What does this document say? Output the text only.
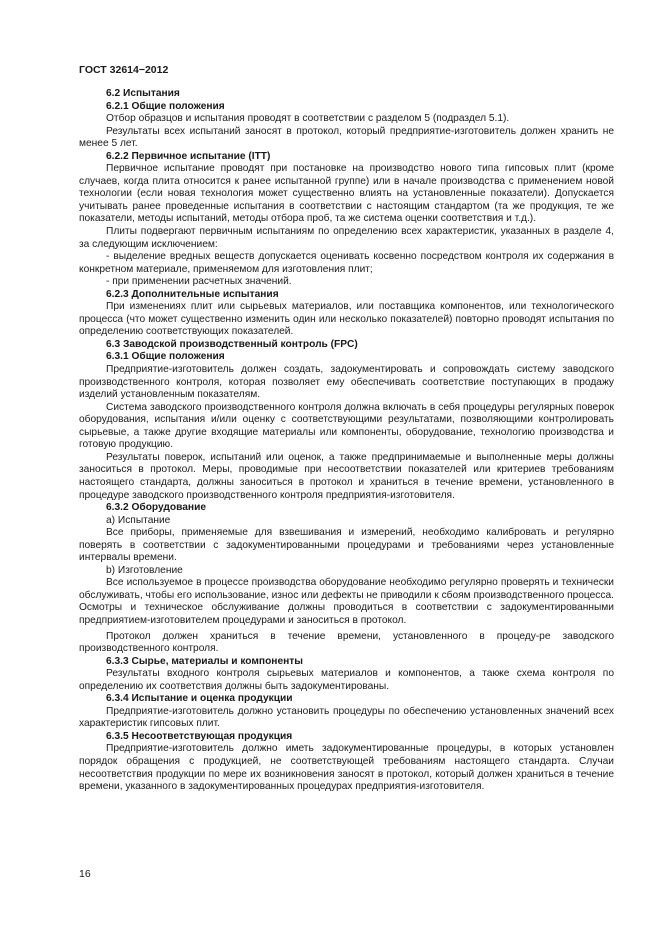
ГОСТ 32614−2012

6.2 Испытания

6.2.1 Общие положения

Отбор образцов и испытания проводят в соответствии с разделом 5 (подраздел 5.1).

Результаты всех испытаний заносят в протокол, который предприятие-изготовитель должен хранить не менее 5 лет.

6.2.2 Первичное испытание (ITT)

Первичное испытание проводят при постановке на производство нового типа гипсовых плит (кроме случаев, когда плита относится к ранее испытанной группе) или в начале производства с применением новой технологии (если новая технология может существенно влиять на установленные показатели). Допускается учитывать ранее проведенные испытания в соответствии с настоящим стандартом (та же продукция, те же показатели, методы испытаний, методы отбора проб, та же система оценки соответствия и т.д.).

Плиты подвергают первичным испытаниям по определению всех характеристик, указанных в разделе 4, за следующим исключением:

- выделение вредных веществ допускается оценивать косвенно посредством контроля их содержания в конкретном материале, применяемом для изготовления плит;

- при применении расчетных значений.

6.2.3 Дополнительные испытания

При изменениях плит или сырьевых материалов, или поставщика компонентов, или технологического процесса (что может существенно изменить один или несколько показателей) повторно проводят испытания по определению соответствующих показателей.

6.3 Заводской производственный контроль (FPC)

6.3.1 Общие положения

Предприятие-изготовитель должен создать, задокументировать и сопровождать систему заводского производственного контроля, которая позволяет ему обеспечивать соответствие поступающих в продажу изделий установленным показателям.

Система заводского производственного контроля должна включать в себя процедуры регулярных поверок оборудования, испытания и/или оценку с соответствующими результатами, позволяющими контролировать сырьевые, а также другие входящие материалы или компоненты, оборудование, технологию производства и готовую продукцию.

Результаты поверок, испытаний или оценок, а также предпринимаемые и выполненные меры должны заноситься в протокол. Меры, проводимые при несоответствии показателей или критериев требованиям настоящего стандарта, должны заноситься в протокол и храниться в течение времени, установленного в процедуре заводского производственного контроля предприятия-изготовителя.

6.3.2 Оборудование

а) Испытание

Все приборы, применяемые для взвешивания и измерений, необходимо калибровать и регулярно поверять в соответствии с задокументированными процедурами и требованиями через установленные интервалы времени.

b) Изготовление

Все используемое в процессе производства оборудование необходимо регулярно проверять и технически обслуживать, чтобы его использование, износ или дефекты не приводили к сбоям производственного процесса. Осмотры и техническое обслуживание должны проводиться в соответствии с задокументированными предприятием-изготовителем процедурами и заноситься в протокол.

Протокол должен храниться в течение времени, установленного в процеду-ре заводского производственного контроля.

6.3.3 Сырье, материалы и компоненты

Результаты входного контроля сырьевых материалов и компонентов, а также схема контроля по определению их соответствия должны быть задокументированы.

6.3.4 Испытание и оценка продукции

Предприятие-изготовитель должно установить процедуры по обеспечению установленных значений всех характеристик гипсовых плит.

6.3.5 Несоответствующая продукция

Предприятие-изготовитель должно иметь задокументированные процедуры, в которых установлен порядок обращения с продукцией, не соответствующей требованиям настоящего стандарта. Случаи несоответствия продукции по мере их возникновения заносят в протокол, который должен храниться в течение времени, указанного в задокументированных процедурах предприятия-изготовителя.

16
